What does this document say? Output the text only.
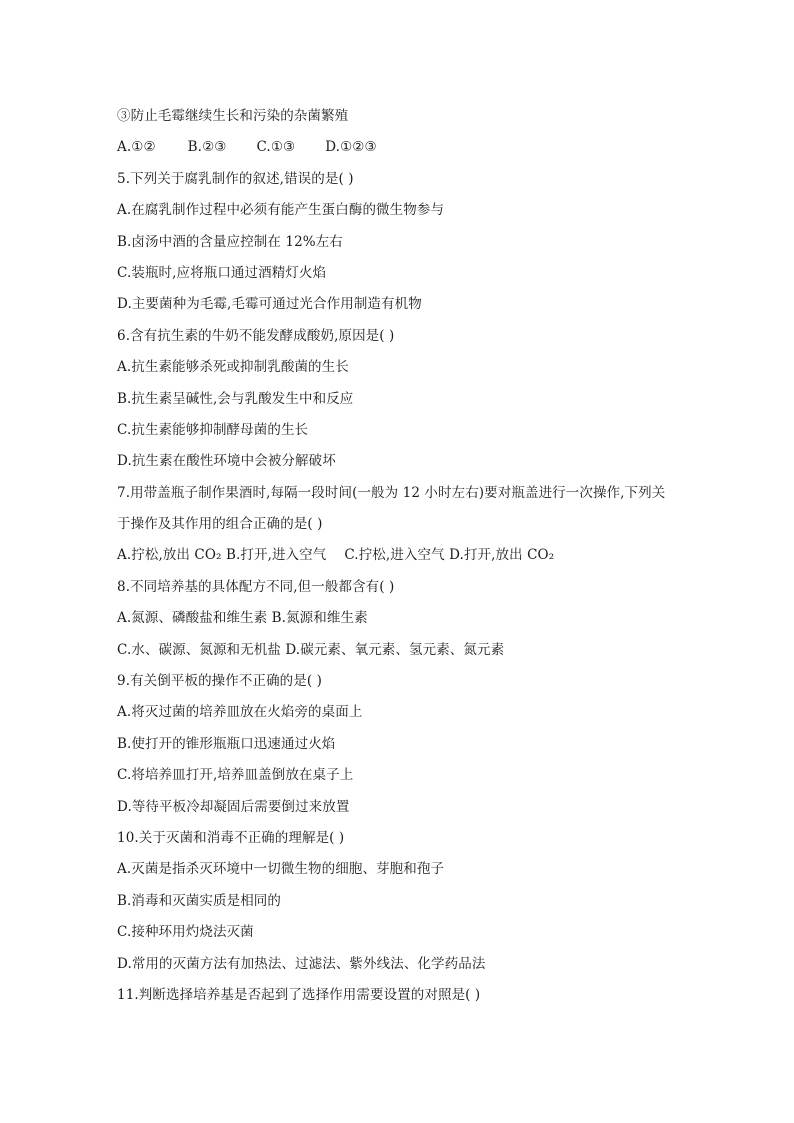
③防止毛霉继续生长和污染的杂菌繁殖
A.①② B.②③ C.①③ D.①②③
5.下列关于腐乳制作的叙述,错误的是( )
A.在腐乳制作过程中必须有能产生蛋白酶的微生物参与
B.卤汤中酒的含量应控制在 12%左右
C.装瓶时,应将瓶口通过酒精灯火焰
D.主要菌种为毛霉,毛霉可通过光合作用制造有机物
6.含有抗生素的牛奶不能发酵成酸奶,原因是( )
A.抗生素能够杀死或抑制乳酸菌的生长
B.抗生素呈碱性,会与乳酸发生中和反应
C.抗生素能够抑制酵母菌的生长
D.抗生素在酸性环境中会被分解破坏
7.用带盖瓶子制作果酒时,每隔一段时间(一般为 12 小时左右)要对瓶盖进行一次操作,下列关
于操作及其作用的组合正确的是( )
A.拧松,放出 CO₂ B.打开,进入空气 C.拧松,进入空气 D.打开,放出 CO₂
8.不同培养基的具体配方不同,但一般都含有( )
A.氮源、磷酸盐和维生素 B.氮源和维生素
C.水、碳源、氮源和无机盐 D.碳元素、氧元素、氢元素、氮元素
9.有关倒平板的操作不正确的是( )
A.将灭过菌的培养皿放在火焰旁的桌面上
B.使打开的锥形瓶瓶口迅速通过火焰
C.将培养皿打开,培养皿盖倒放在桌子上
D.等待平板冷却凝固后需要倒过来放置
10.关于灭菌和消毒不正确的理解是( )
A.灭菌是指杀灭环境中一切微生物的细胞、芽胞和孢子
B.消毒和灭菌实质是相同的
C.接种环用灼烧法灭菌
D.常用的灭菌方法有加热法、过滤法、紫外线法、化学药品法
11.判断选择培养基是否起到了选择作用需要设置的对照是( )
